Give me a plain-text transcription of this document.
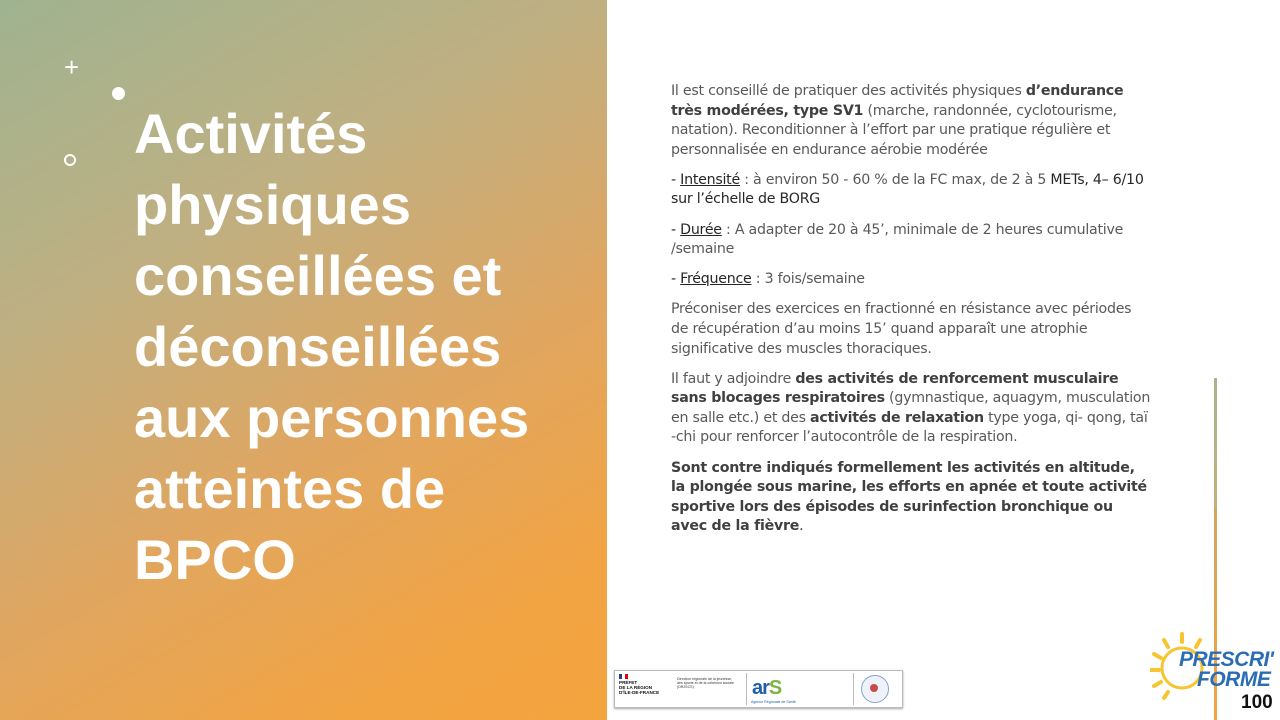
+
Activités physiques conseillées et déconseillées aux personnes atteintes de BPCO

Il est conseillé de pratiquer des activités physiques d’endurance très modérées, type SV1 (marche, randonnée, cyclotourisme, natation). Reconditionner à l’effort par une pratique régulière et personnalisée en endurance aérobie modérée

- Intensité : à environ 50 - 60 % de la FC max, de 2 à 5 METs, 4– 6/10 sur l’échelle de BORG

- Durée : A adapter de 20 à 45’, minimale de 2 heures cumulative /semaine

- Fréquence : 3 fois/semaine

Préconiser des exercices en fractionné en résistance avec périodes de récupération d’au moins 15’ quand apparaît une atrophie significative des muscles thoraciques.

Il faut y adjoindre des activités de renforcement musculaire sans blocages respiratoires (gymnastique, aquagym, musculation en salle etc.) et des activités de relaxation type yoga, qi- qong, taï -chi pour renforcer l’autocontrôle de la respiration.

Sont contre indiqués formellement les activités en altitude, la plongée sous marine, les efforts en apnée et toute activité sportive lors des épisodes de surinfection bronchique ou avec de la fièvre.

PRÉFET
DE LA RÉGION
D'ÎLE-DE-FRANCE
Direction régionale de la jeunesse, des sports et de la cohésion sociale (DRJSCS)	arS
Agence Régionale de Santé
PRESCRI'
FORME
100
